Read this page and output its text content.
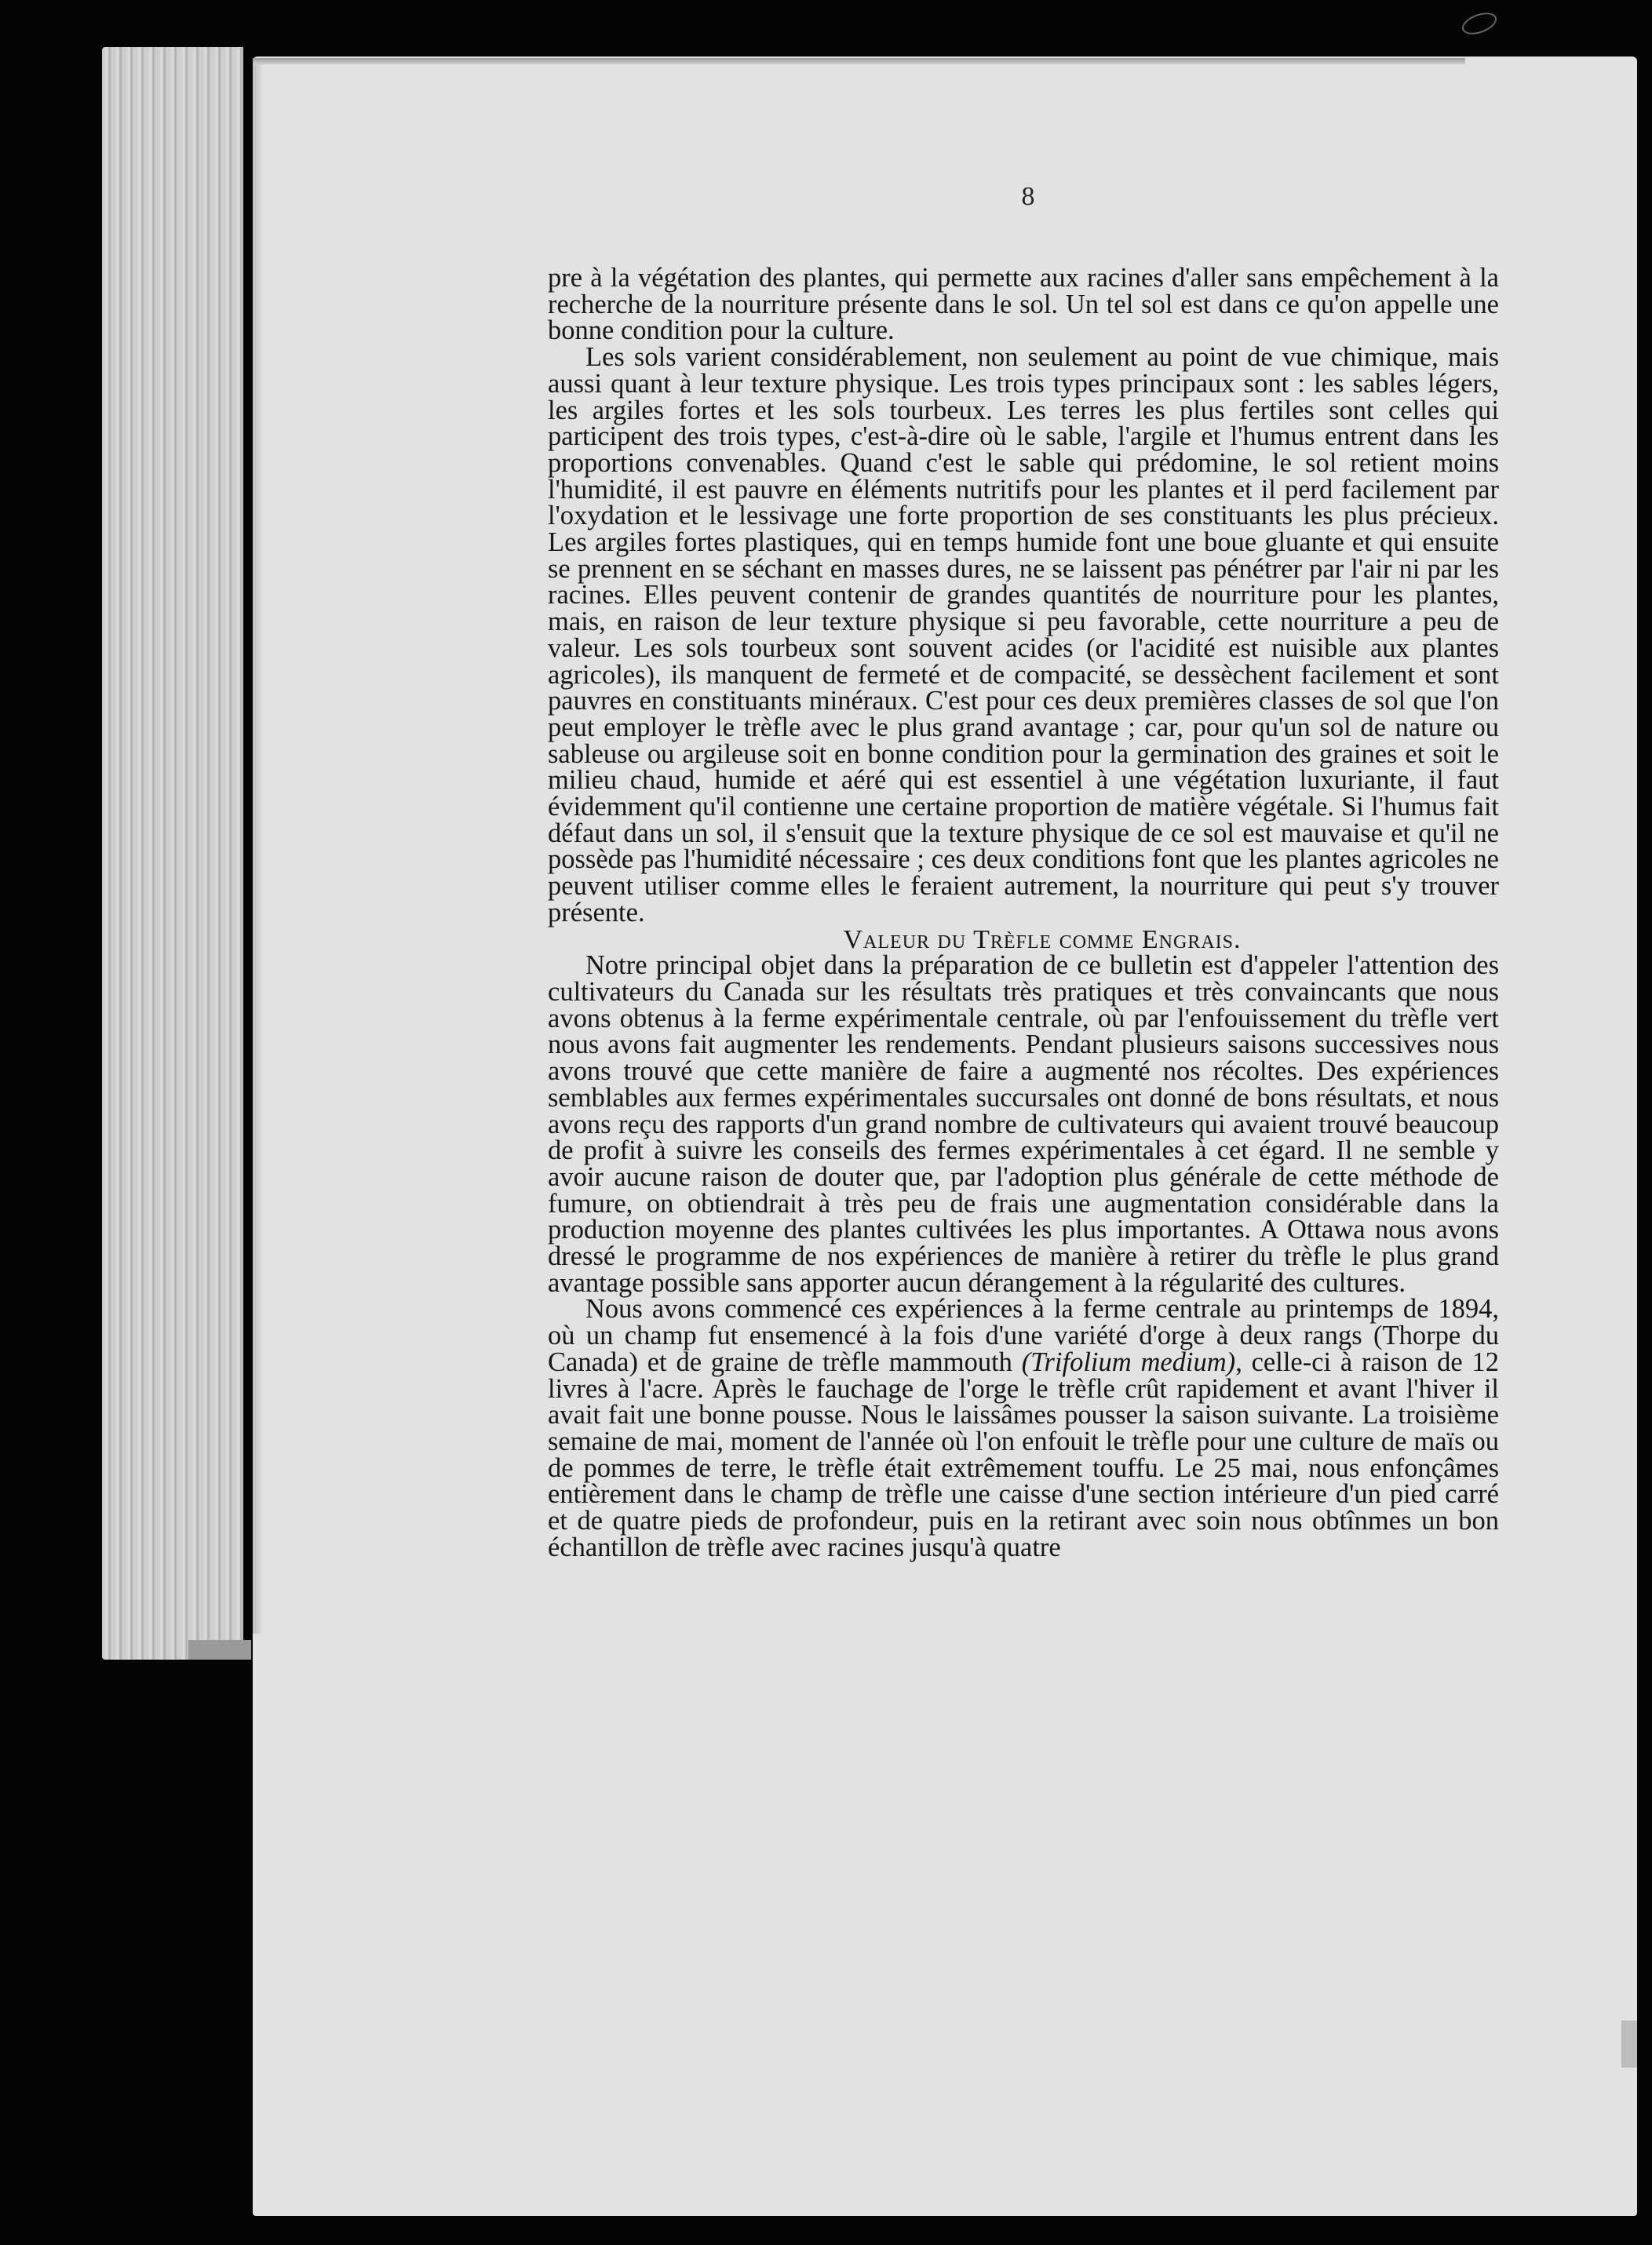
8

pre à la végétation des plantes, qui permette aux racines d'aller sans empêchement à la recherche de la nourriture présente dans le sol. Un tel sol est dans ce qu'on appelle une bonne condition pour la culture.

Les sols varient considérablement, non seulement au point de vue chimique, mais aussi quant à leur texture physique. Les trois types principaux sont : les sables légers, les argiles fortes et les sols tourbeux. Les terres les plus fertiles sont celles qui participent des trois types, c'est-à-dire où le sable, l'argile et l'humus entrent dans les proportions convenables. Quand c'est le sable qui prédomine, le sol retient moins l'humidité, il est pauvre en éléments nutritifs pour les plantes et il perd facilement par l'oxydation et le lessivage une forte proportion de ses constituants les plus précieux. Les argiles fortes plastiques, qui en temps humide font une boue gluante et qui ensuite se prennent en se séchant en masses dures, ne se laissent pas pénétrer par l'air ni par les racines. Elles peuvent contenir de grandes quantités de nourriture pour les plantes, mais, en raison de leur texture physique si peu favorable, cette nourriture a peu de valeur. Les sols tourbeux sont souvent acides (or l'acidité est nuisible aux plantes agricoles), ils manquent de fermeté et de compacité, se dessèchent facilement et sont pauvres en constituants minéraux. C'est pour ces deux premières classes de sol que l'on peut employer le trèfle avec le plus grand avantage ; car, pour qu'un sol de nature ou sableuse ou argileuse soit en bonne condition pour la germination des graines et soit le milieu chaud, humide et aéré qui est essentiel à une végétation luxuriante, il faut évidemment qu'il contienne une certaine proportion de matière végétale. Si l'humus fait défaut dans un sol, il s'ensuit que la texture physique de ce sol est mauvaise et qu'il ne possède pas l'humidité nécessaire ; ces deux conditions font que les plantes agricoles ne peuvent utiliser comme elles le feraient autrement, la nourriture qui peut s'y trouver présente.

Valeur du Trèfle comme Engrais.

Notre principal objet dans la préparation de ce bulletin est d'appeler l'attention des cultivateurs du Canada sur les résultats très pratiques et très convaincants que nous avons obtenus à la ferme expérimentale centrale, où par l'enfouissement du trèfle vert nous avons fait augmenter les rendements. Pendant plusieurs saisons successives nous avons trouvé que cette manière de faire a augmenté nos récoltes. Des expériences semblables aux fermes expérimentales succursales ont donné de bons résultats, et nous avons reçu des rapports d'un grand nombre de cultivateurs qui avaient trouvé beaucoup de profit à suivre les conseils des fermes expérimentales à cet égard. Il ne semble y avoir aucune raison de douter que, par l'adoption plus générale de cette méthode de fumure, on obtiendrait à très peu de frais une augmentation considérable dans la production moyenne des plantes cultivées les plus importantes. A Ottawa nous avons dressé le programme de nos expériences de manière à retirer du trèfle le plus grand avantage possible sans apporter aucun dérangement à la régularité des cultures.

Nous avons commencé ces expériences à la ferme centrale au printemps de 1894, où un champ fut ensemencé à la fois d'une variété d'orge à deux rangs (Thorpe du Canada) et de graine de trèfle mammouth (Trifolium medium), celle-ci à raison de 12 livres à l'acre. Après le fauchage de l'orge le trèfle crût rapidement et avant l'hiver il avait fait une bonne pousse. Nous le laissâmes pousser la saison suivante. La troisième semaine de mai, moment de l'année où l'on enfouit le trèfle pour une culture de maïs ou de pommes de terre, le trèfle était extrêmement touffu. Le 25 mai, nous enfonçâmes entièrement dans le champ de trèfle une caisse d'une section intérieure d'un pied carré et de quatre pieds de profondeur, puis en la retirant avec soin nous obtînmes un bon échantillon de trèfle avec racines jusqu'à quatre
